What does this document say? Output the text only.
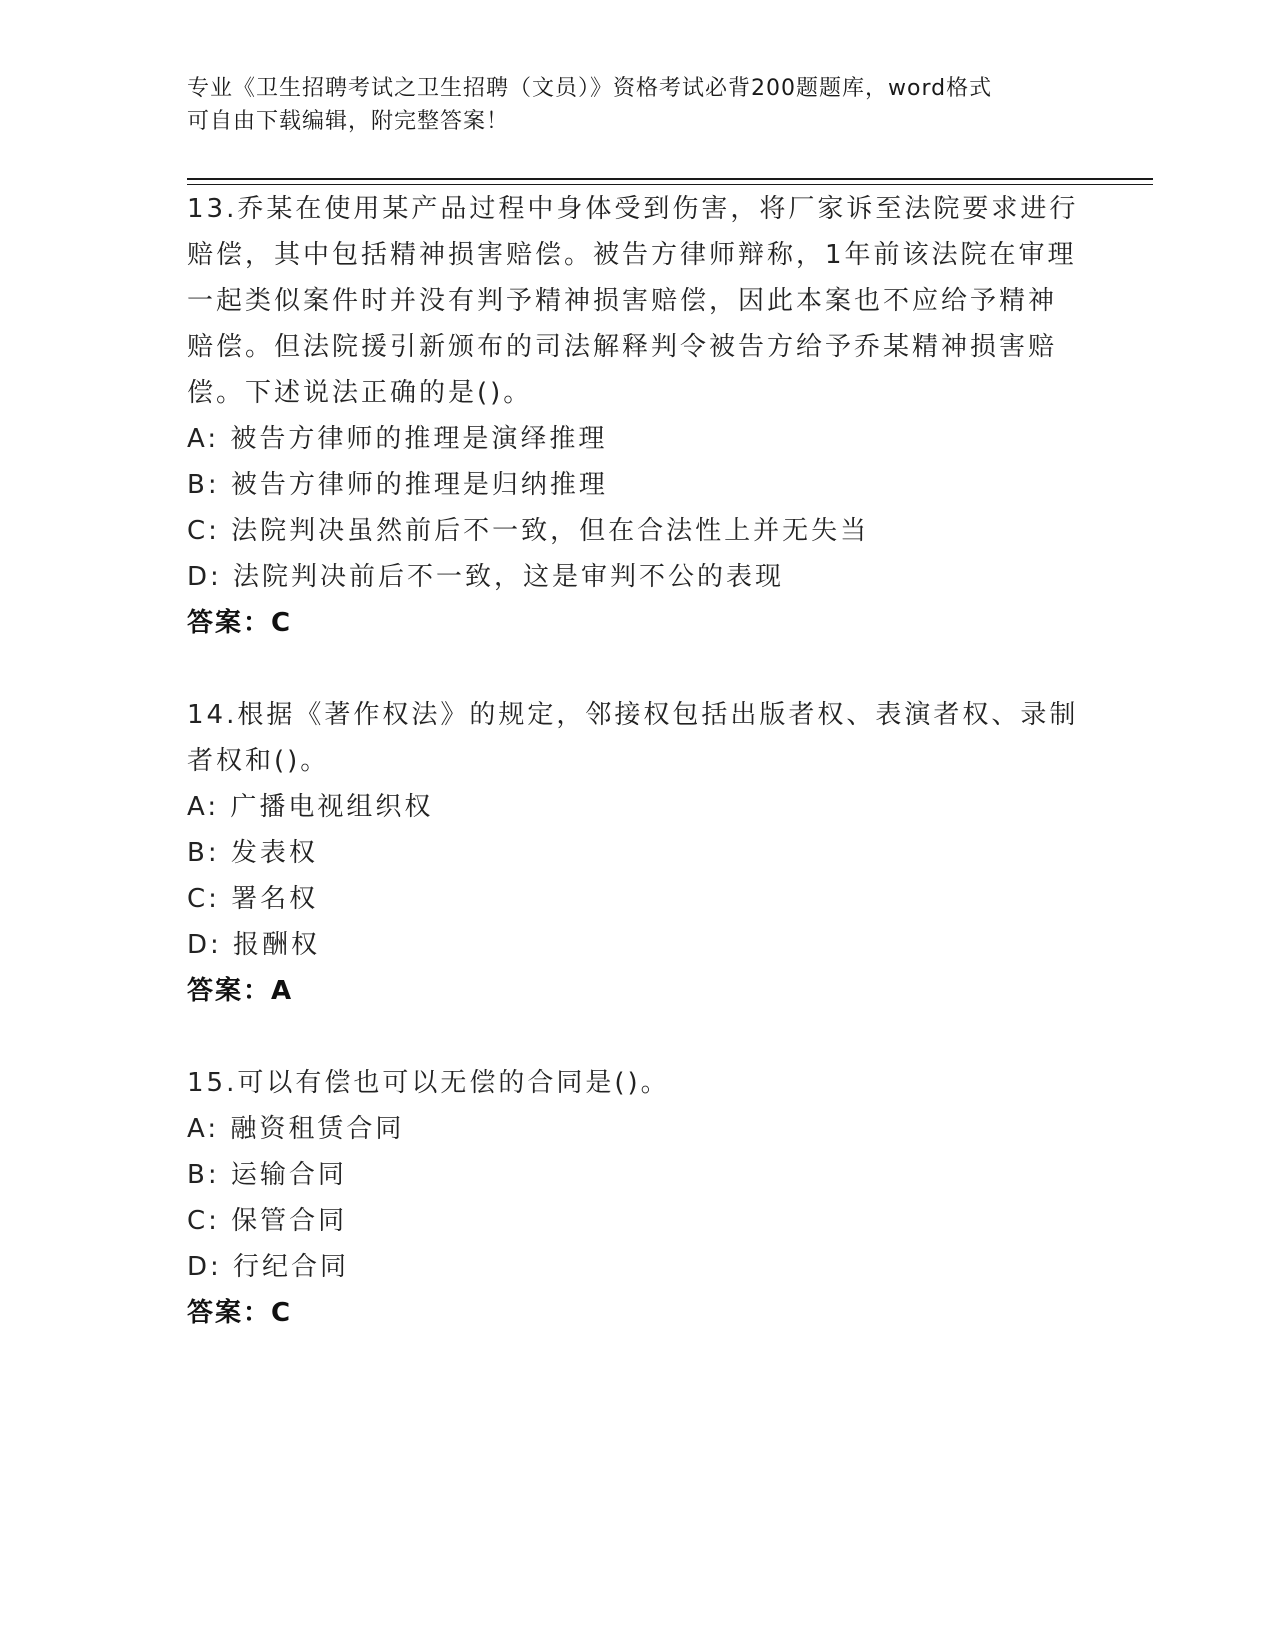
专业《卫生招聘考试之卫生招聘（文员）》资格考试必背200题题库，word格式
可自由下载编辑，附完整答案！
13.乔某在使用某产品过程中身体受到伤害，将厂家诉至法院要求进行
赔偿，其中包括精神损害赔偿。被告方律师辩称，1年前该法院在审理
一起类似案件时并没有判予精神损害赔偿，因此本案也不应给予精神
赔偿。但法院援引新颁布的司法解释判令被告方给予乔某精神损害赔
偿。下述说法正确的是()。
A: 被告方律师的推理是演绎推理
B: 被告方律师的推理是归纳推理
C: 法院判决虽然前后不一致，但在合法性上并无失当
D: 法院判决前后不一致，这是审判不公的表现
答案：C
14.根据《著作权法》的规定，邻接权包括出版者权、表演者权、录制
者权和()。
A: 广播电视组织权
B: 发表权
C: 署名权
D: 报酬权
答案：A
15.可以有偿也可以无偿的合同是()。
A: 融资租赁合同
B: 运输合同
C: 保管合同
D: 行纪合同
答案：C
